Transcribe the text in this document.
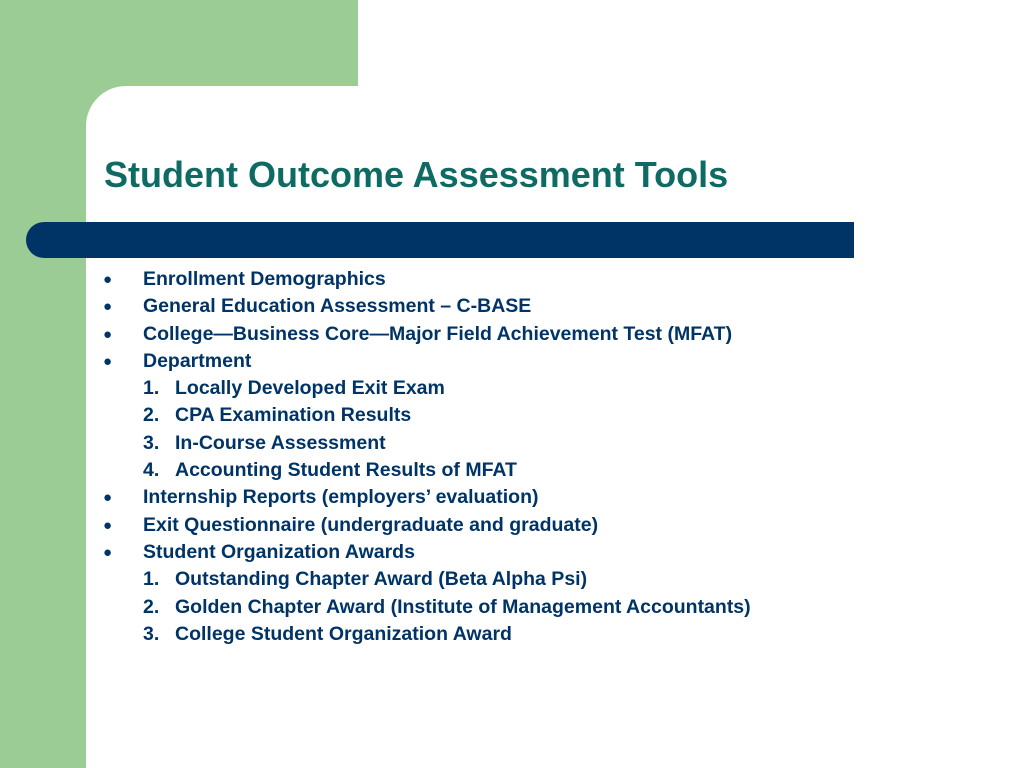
Student Outcome Assessment Tools
● Enrollment Demographics
● General Education Assessment – C-BASE
● College—Business Core—Major Field Achievement Test (MFAT)
● Department
1. Locally Developed Exit Exam
2. CPA Examination Results
3. In-Course Assessment
4. Accounting Student Results of MFAT
● Internship Reports (employers’ evaluation)
● Exit Questionnaire (undergraduate and graduate)
● Student Organization Awards
1. Outstanding Chapter Award (Beta Alpha Psi)
2. Golden Chapter Award (Institute of Management Accountants)
3. College Student Organization Award
